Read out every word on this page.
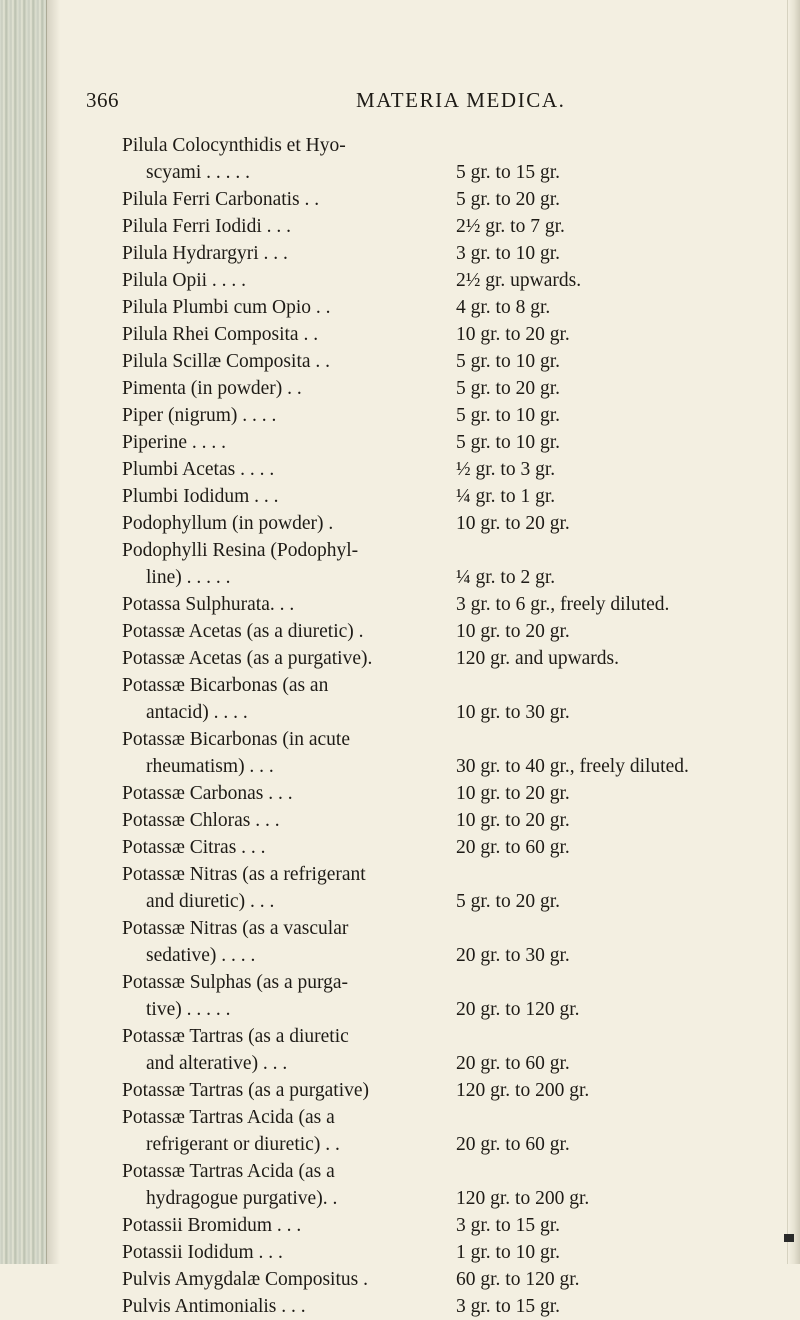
366	MATERIA MEDICA.
Pilula Colocynthidis et Hyo-
scyami . . . . .	5 gr. to 15 gr.
Pilula Ferri Carbonatis . .	5 gr. to 20 gr.
Pilula Ferri Iodidi . . .	2½ gr. to 7 gr.
Pilula Hydrargyri . . .	3 gr. to 10 gr.
Pilula Opii . . . .	2½ gr. upwards.
Pilula Plumbi cum Opio . .	4 gr. to 8 gr.
Pilula Rhei Composita . .	10 gr. to 20 gr.
Pilula Scillæ Composita . .	5 gr. to 10 gr.
Pimenta (in powder) . .	5 gr. to 20 gr.
Piper (nigrum) . . . .	5 gr. to 10 gr.
Piperine . . . .	5 gr. to 10 gr.
Plumbi Acetas . . . .	½ gr. to 3 gr.
Plumbi Iodidum . . .	¼ gr. to 1 gr.
Podophyllum (in powder) .	10 gr. to 20 gr.
Podophylli Resina (Podophyl-
line) . . . . .	¼ gr. to 2 gr.
Potassa Sulphurata. . .	3 gr. to 6 gr., freely diluted.
Potassæ Acetas (as a diuretic) .	10 gr. to 20 gr.
Potassæ Acetas (as a purgative).	120 gr. and upwards.
Potassæ Bicarbonas (as an
antacid) . . . .	10 gr. to 30 gr.
Potassæ Bicarbonas (in acute
rheumatism) . . .	30 gr. to 40 gr., freely diluted.
Potassæ Carbonas . . .	10 gr. to 20 gr.
Potassæ Chloras . . .	10 gr. to 20 gr.
Potassæ Citras . . .	20 gr. to 60 gr.
Potassæ Nitras (as a refrigerant
and diuretic) . . .	5 gr. to 20 gr.
Potassæ Nitras (as a vascular
sedative) . . . .	20 gr. to 30 gr.
Potassæ Sulphas (as a purga-
tive) . . . . .	20 gr. to 120 gr.
Potassæ Tartras (as a diuretic
and alterative) . . .	20 gr. to 60 gr.
Potassæ Tartras (as a purgative)	120 gr. to 200 gr.
Potassæ Tartras Acida (as a
refrigerant or diuretic) . .	20 gr. to 60 gr.
Potassæ Tartras Acida (as a
hydragogue purgative). .	120 gr. to 200 gr.
Potassii Bromidum . . .	3 gr. to 15 gr.
Potassii Iodidum . . .	1 gr. to 10 gr.
Pulvis Amygdalæ Compositus .	60 gr. to 120 gr.
Pulvis Antimonialis . . .	3 gr. to 15 gr.
